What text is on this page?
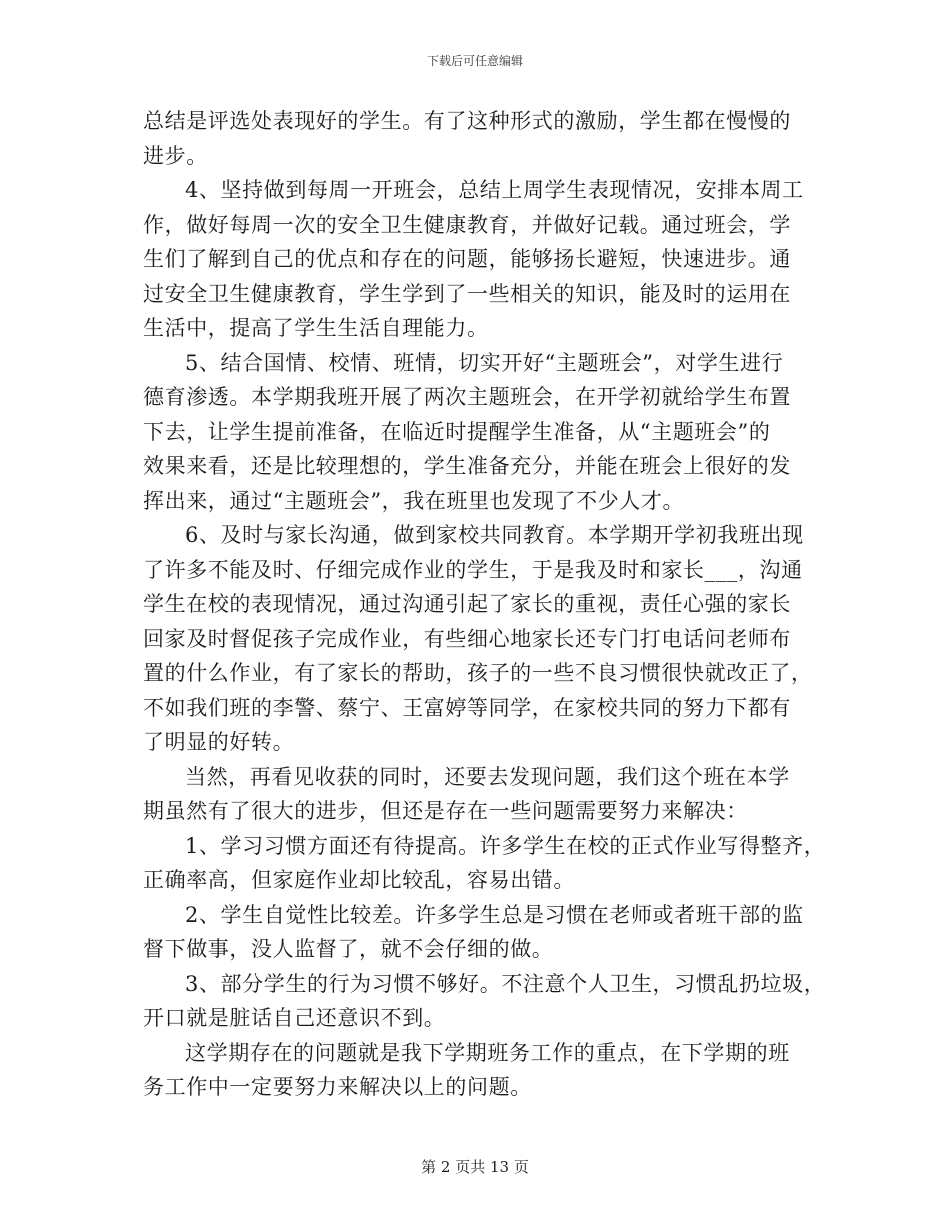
下载后可任意编辑
总结是评选处表现好的学生。有了这种形式的激励，学生都在慢慢的
进步。
4、坚持做到每周一开班会，总结上周学生表现情况，安排本周工
作，做好每周一次的安全卫生健康教育，并做好记载。通过班会，学
生们了解到自己的优点和存在的问题，能够扬长避短，快速进步。通
过安全卫生健康教育，学生学到了一些相关的知识，能及时的运用在
生活中，提高了学生生活自理能力。
5、结合国情、校情、班情，切实开好“主题班会”，对学生进行
德育渗透。本学期我班开展了两次主题班会，在开学初就给学生布置
下去，让学生提前准备，在临近时提醒学生准备，从“主题班会”的
效果来看，还是比较理想的，学生准备充分，并能在班会上很好的发
挥出来，通过“主题班会”，我在班里也发现了不少人才。
6、及时与家长沟通，做到家校共同教育。本学期开学初我班出现
了许多不能及时、仔细完成作业的学生，于是我及时和家长___，沟通
学生在校的表现情况，通过沟通引起了家长的重视，责任心强的家长
回家及时督促孩子完成作业，有些细心地家长还专门打电话问老师布
置的什么作业，有了家长的帮助，孩子的一些不良习惯很快就改正了，
不如我们班的李警、蔡宁、王富婷等同学，在家校共同的努力下都有
了明显的好转。
当然，再看见收获的同时，还要去发现问题，我们这个班在本学
期虽然有了很大的进步，但还是存在一些问题需要努力来解决：
1、学习习惯方面还有待提高。许多学生在校的正式作业写得整齐，
正确率高，但家庭作业却比较乱，容易出错。
2、学生自觉性比较差。许多学生总是习惯在老师或者班干部的监
督下做事，没人监督了，就不会仔细的做。
3、部分学生的行为习惯不够好。不注意个人卫生，习惯乱扔垃圾，
开口就是脏话自己还意识不到。
这学期存在的问题就是我下学期班务工作的重点，在下学期的班
务工作中一定要努力来解决以上的问题。
第 2 页共 13 页
